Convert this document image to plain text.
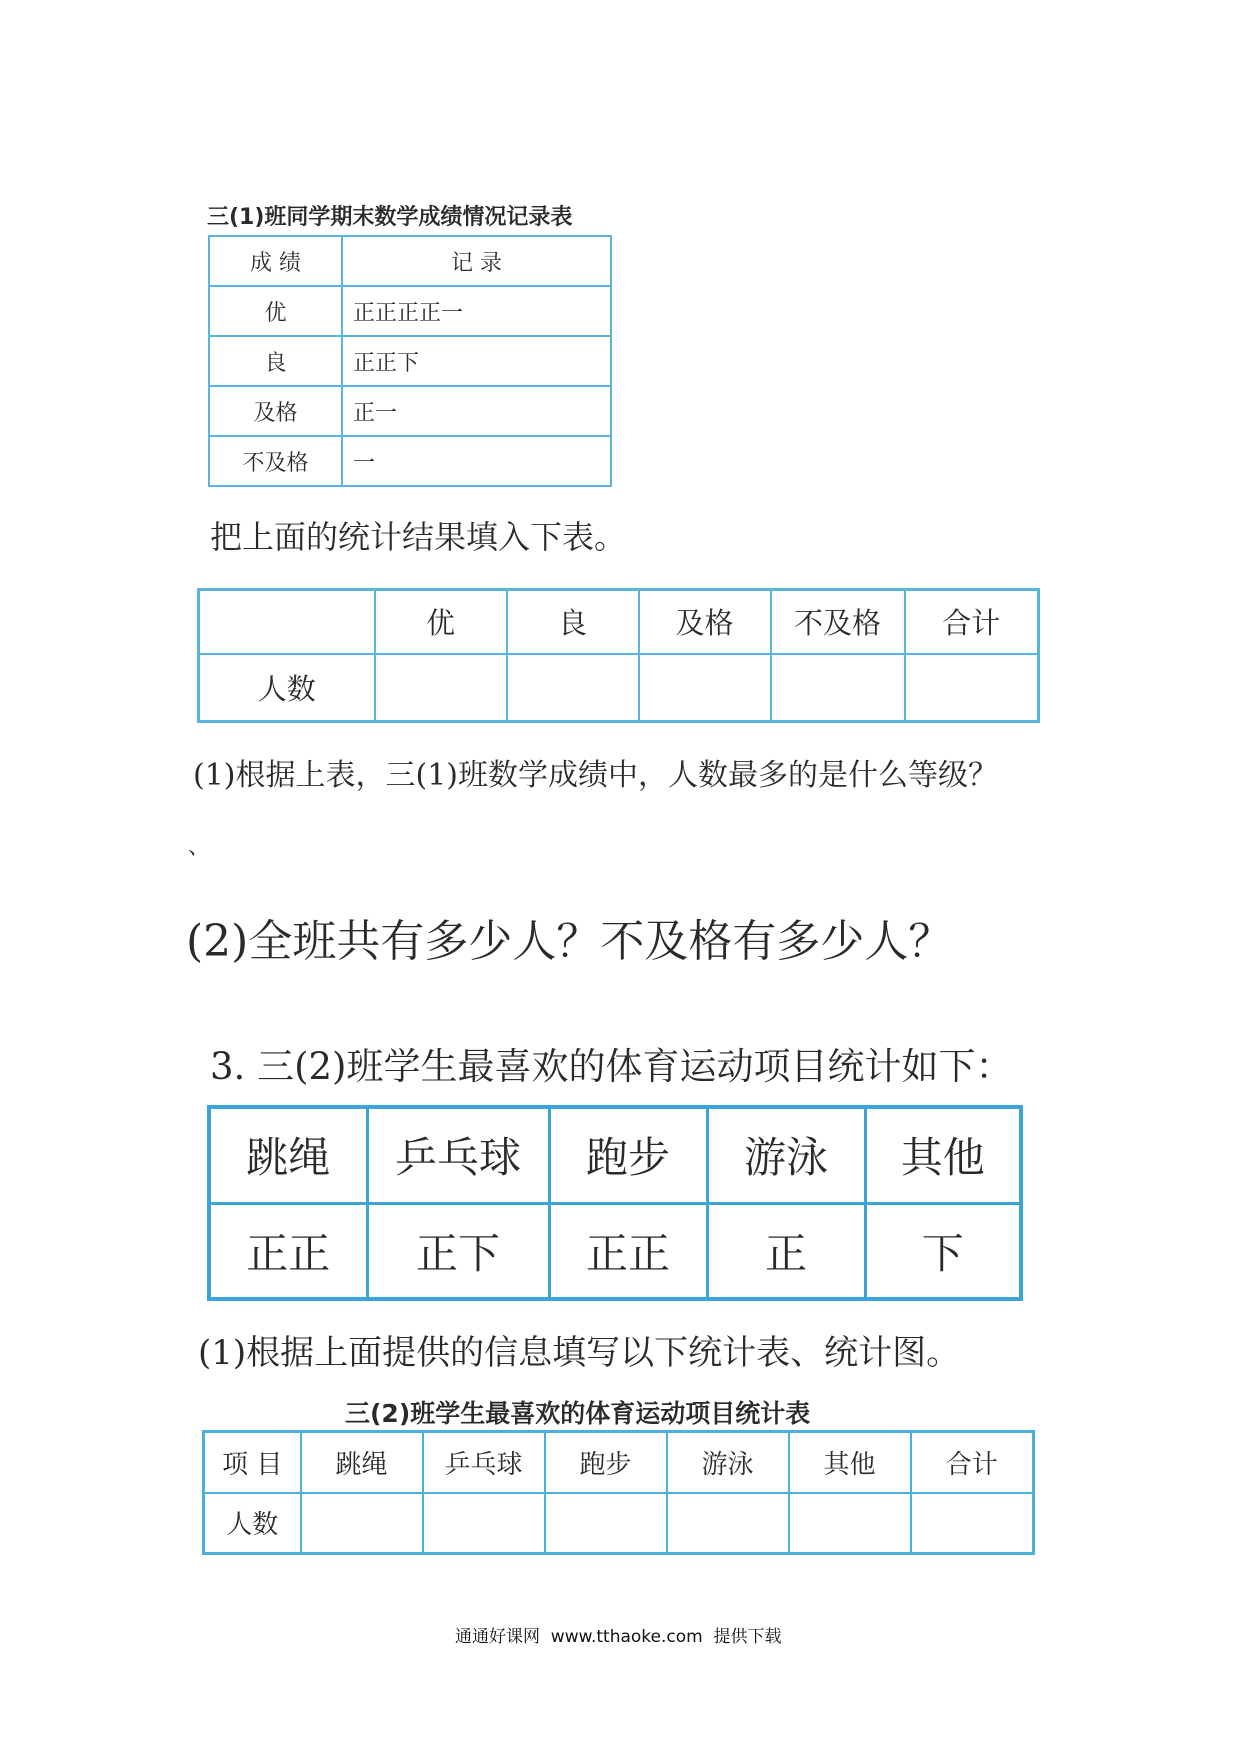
三(1)班同学期末数学成绩情况记录表
成 绩	记 录
优	正正正正一
良	正正下
及格	正一
不及格	一
把上面的统计结果填入下表。
	优	良	及格	不及格	合计
人数					
(1)根据上表，三(1)班数学成绩中，人数最多的是什么等级？
、
(2)全班共有多少人？不及格有多少人？
3. 三(2)班学生最喜欢的体育运动项目统计如下：
跳绳	乒乓球	跑步	游泳	其他
正正	正下	正正	正	下
(1)根据上面提供的信息填写以下统计表、统计图。
三(2)班学生最喜欢的体育运动项目统计表
项 目	跳绳	乒乓球	跑步	游泳	其他	合计
人数						
通通好课网  www.tthaoke.com  提供下载
